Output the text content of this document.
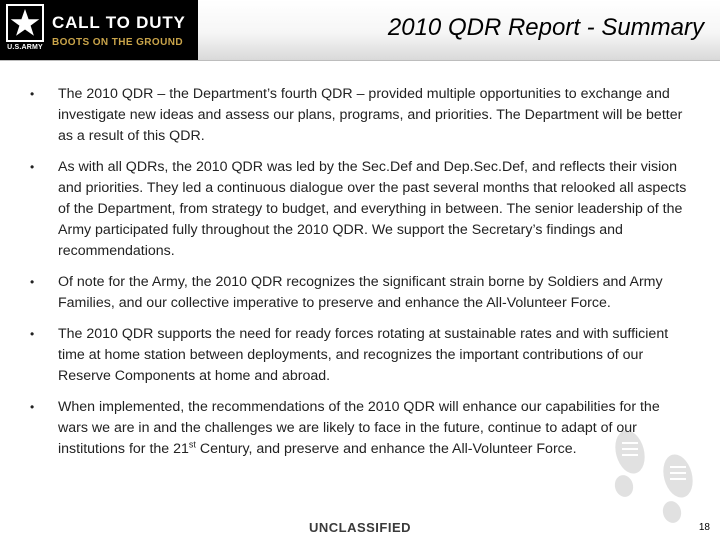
U.S.ARMY
CALL TO DUTY
BOOTS ON THE GROUND
2010 QDR Report - Summary
• The 2010 QDR – the Department’s fourth QDR – provided multiple opportunities to exchange and investigate new ideas and assess our plans, programs, and priorities. The Department will be better as a result of this QDR.
• As with all QDRs, the 2010 QDR was led by the Sec.Def and Dep.Sec.Def, and reflects their vision and priorities. They led a continuous dialogue over the past several months that relooked all aspects of the Department, from strategy to budget, and everything in between. The senior leadership of the Army participated fully throughout the 2010 QDR. We support the Secretary’s findings and recommendations.
• Of note for the Army, the 2010 QDR recognizes the significant strain borne by Soldiers and Army Families, and our collective imperative to preserve and enhance the All-Volunteer Force.
• The 2010 QDR supports the need for ready forces rotating at sustainable rates and with sufficient time at home station between deployments, and recognizes the important contributions of our Reserve Components at home and abroad.
• When implemented, the recommendations of the 2010 QDR will enhance our capabilities for the wars we are in and the challenges we are likely to face in the future, continue to adapt of our institutions for the 21st Century, and preserve and enhance the All-Volunteer Force.
UNCLASSIFIED	18
